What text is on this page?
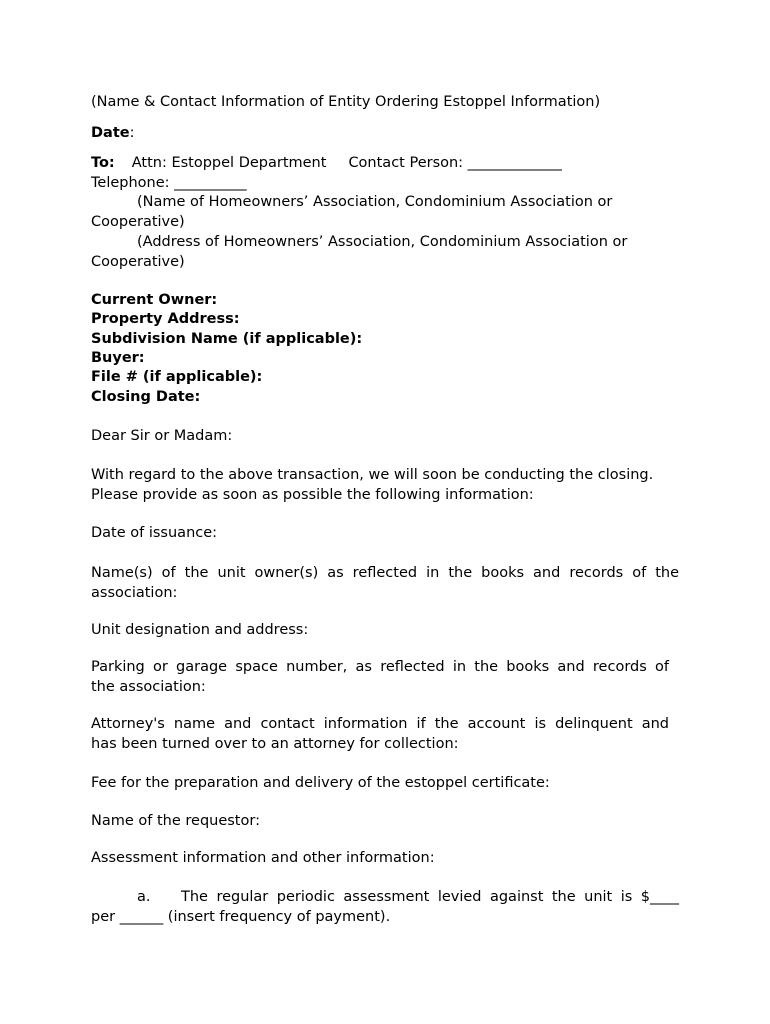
(Name & Contact Information of Entity Ordering Estoppel Information)
Date:
To: Attn: Estoppel Department Contact Person: _____________
Telephone: __________
(Name of Homeowners’ Association, Condominium Association or
Cooperative)
(Address of Homeowners’ Association, Condominium Association or
Cooperative)
Current Owner:
Property Address:
Subdivision Name (if applicable):
Buyer:
File # (if applicable):
Closing Date:
Dear Sir or Madam:
With regard to the above transaction, we will soon be conducting the closing.
Please provide as soon as possible the following information:
Date of issuance:
Name(s) of the unit owner(s) as reflected in the books and records of the
association:
Unit designation and address:
Parking or garage space number, as reflected in the books and records of
the association:
Attorney's name and contact information if the account is delinquent and
has been turned over to an attorney for collection:
Fee for the preparation and delivery of the estoppel certificate:
Name of the requestor:
Assessment information and other information:
a. The regular periodic assessment levied against the unit is $____
per ______ (insert frequency of payment).
